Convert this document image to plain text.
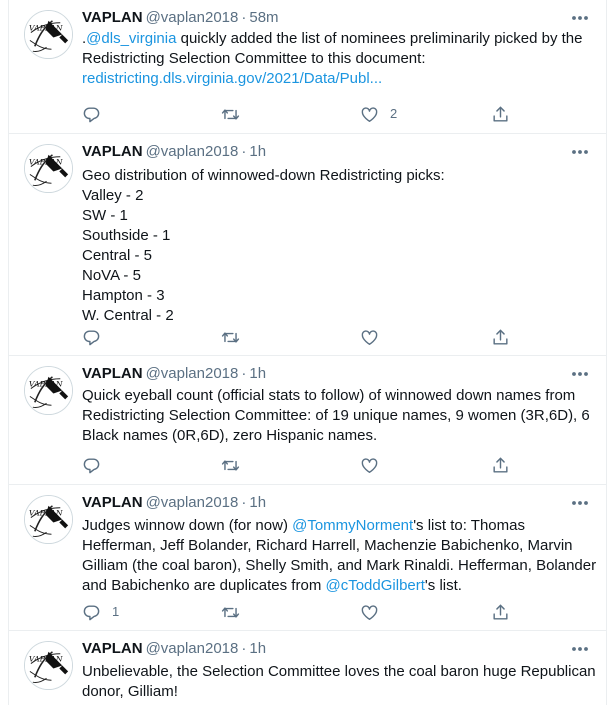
VAPLAN
VAPLAN @vaplan2018 · 58m
.@dls_virginia quickly added the list of nominees preliminarily picked by the
Redistricting Selection Committee to this document:
redistricting.dls.virginia.gov/2021/Data/Publ...
2
VAPLAN
VAPLAN @vaplan2018 · 1h
Geo distribution of winnowed-down Redistricting picks:
Valley - 2
SW - 1
Southside - 1
Central - 5
NoVA - 5
Hampton - 3
W. Central - 2
VAPLAN
VAPLAN @vaplan2018 · 1h
Quick eyeball count (official stats to follow) of winnowed down names from
Redistricting Selection Committee: of 19 unique names, 9 women (3R,6D), 6
Black names (0R,6D), zero Hispanic names.
VAPLAN
VAPLAN @vaplan2018 · 1h
Judges winnow down (for now) @TommyNorment's list to: Thomas
Hefferman, Jeff Bolander, Richard Harrell, Machenzie Babichenko, Marvin
Gilliam (the coal baron), Shelly Smith, and Mark Rinaldi. Hefferman, Bolander
and Babichenko are duplicates from @cToddGilbert's list.
1
VAPLAN
VAPLAN @vaplan2018 · 1h
Unbelievable, the Selection Committee loves the coal baron huge Republican
donor, Gilliam!
